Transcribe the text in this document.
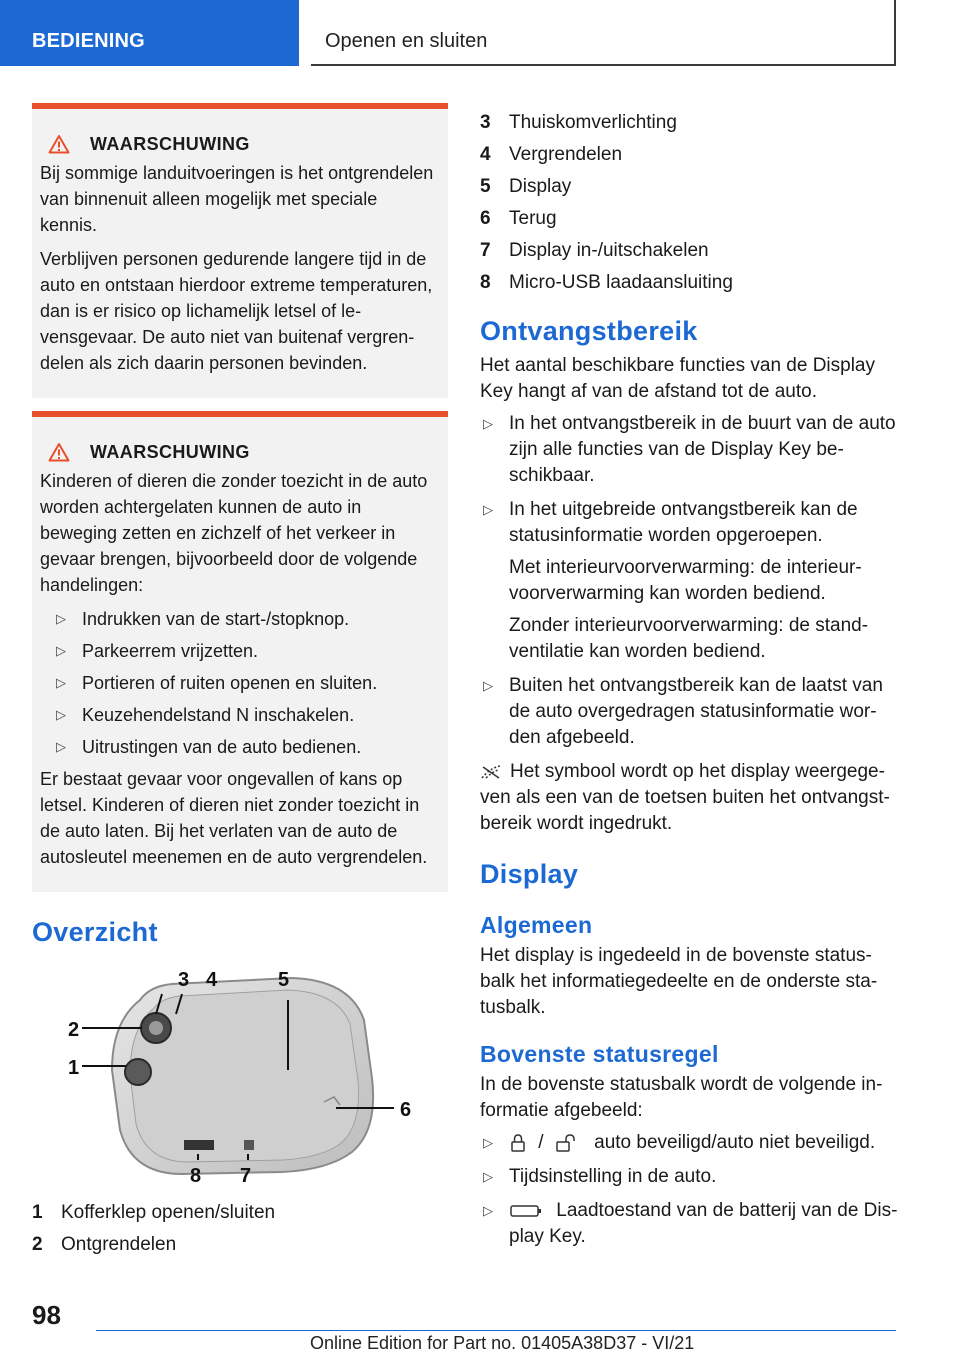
BEDIENING	Openen en sluiten
WAARSCHUWING

Bij sommige landuitvoeringen is het ontgrendelen van binnenuit alleen mogelijk met speciale kennis.

Verblijven personen gedurende langere tijd in de auto en ontstaan hierdoor extreme temperaturen, dan is er risico op lichamelijk letsel of levensgevaar. De auto niet van buitenaf vergrendelen als zich daarin personen bevinden.

WAARSCHUWING

Kinderen of dieren die zonder toezicht in de auto worden achtergelaten kunnen de auto in beweging zetten en zichzelf of het verkeer in gevaar brengen, bijvoorbeeld door de volgende handelingen:

▷ Indrukken van de start-/stopknop.
▷ Parkeerrem vrijzetten.
▷ Portieren of ruiten openen en sluiten.
▷ Keuzehendelstand N inschakelen.
▷ Uitrustingen van de auto bedienen.

Er bestaat gevaar voor ongevallen of kans op letsel. Kinderen of dieren niet zonder toezicht in de auto laten. Bij het verlaten van de auto de autosleutel meenemen en de auto vergrendelen.

Overzicht
1
2
3 4	5
6
7
8
1 Kofferklep openen/sluiten
2 Ontgrendelen
3 Thuiskomverlichting
4 Vergrendelen
5 Display
6 Terug
7 Display in-/uitschakelen
8 Micro-USB laadaansluiting
Ontvangstbereik

Het aantal beschikbare functies van de Display Key hangt af van de afstand tot de auto.

▷ In het ontvangstbereik in de buurt van de auto zijn alle functies van de Display Key beschikbaar.
▷ In het uitgebreide ontvangstbereik kan de statusinformatie worden opgeroepen.
Met interieurvoorverwarming: de interieurvoorverwarming kan worden bediend.
Zonder interieurvoorverwarming: de standventilatie kan worden bediend.
▷ Buiten het ontvangstbereik kan de laatst van de auto overgedragen statusinformatie worden afgebeeld.

Het symbool wordt op het display weergegeven als een van de toetsen buiten het ontvangstbereik wordt ingedrukt.

Display
Algemeen

Het display is ingedeeld in de bovenste statusbalk het informatiegedeelte en de onderste statusbalk.

Bovenste statusregel

In de bovenste statusbalk wordt de volgende informatie afgebeeld:

▷	/	auto beveiligd/auto niet beveiligd.
▷ Tijdsinstelling in de auto.
▷	Laadtoestand van de batterij van de Display Key.
98
Online Edition for Part no. 01405A38D37 - VI/21
